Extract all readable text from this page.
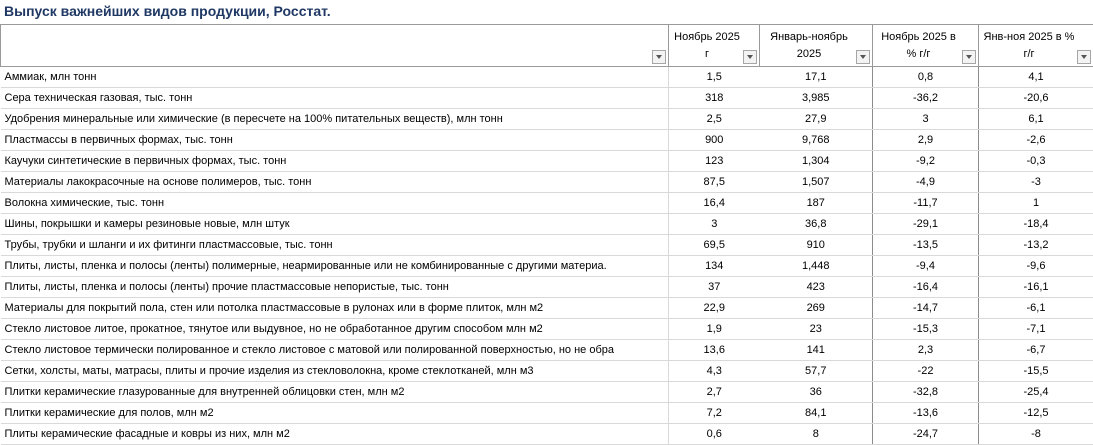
Выпуск важнейших видов продукции, Росстат.

	Ноябрь 2025 г	Январь-ноябрь 2025	Ноябрь 2025 в % г/г	Янв-ноя 2025 в % г/г

Аммиак, млн тонн	1,5	17,1	0,8	4,1
Сера техническая газовая, тыс. тонн	318	3,985	-36,2	-20,6
Удобрения минеральные или химические (в пересчете на 100% питательных веществ), млн тонн	2,5	27,9	3	6,1
Пластмассы в первичных формах, тыс. тонн	900	9,768	2,9	-2,6
Каучуки синтетические в первичных формах, тыс. тонн	123	1,304	-9,2	-0,3
Материалы лакокрасочные на основе полимеров, тыс. тонн	87,5	1,507	-4,9	-3
Волокна химические, тыс. тонн	16,4	187	-11,7	1
Шины, покрышки и камеры резиновые новые, млн штук	3	36,8	-29,1	-18,4
Трубы, трубки и шланги и их фитинги пластмассовые, тыс. тонн	69,5	910	-13,5	-13,2
Плиты, листы, пленка и полосы (ленты) полимерные, неармированные или не комбинированные с другими материа.	134	1,448	-9,4	-9,6
Плиты, листы, пленка и полосы (ленты) прочие пластмассовые непористые, тыс. тонн	37	423	-16,4	-16,1
Материалы для покрытий пола, стен или потолка пластмассовые в рулонах или в форме плиток, млн м2	22,9	269	-14,7	-6,1
Стекло листовое литое, прокатное, тянутое или выдувное, но не обработанное другим способом млн м2	1,9	23	-15,3	-7,1
Стекло листовое термически полированное и стекло листовое с матовой или полированной поверхностью, но не обра	13,6	141	2,3	-6,7
Сетки, холсты, маты, матрасы, плиты и прочие изделия из стекловолокна, кроме стеклотканей, млн м3	4,3	57,7	-22	-15,5
Плитки керамические глазурованные для внутренней облицовки стен, млн м2	2,7	36	-32,8	-25,4
Плитки керамические для полов, млн м2	7,2	84,1	-13,6	-12,5
Плиты керамические фасадные и ковры из них, млн м2	0,6	8	-24,7	-8
